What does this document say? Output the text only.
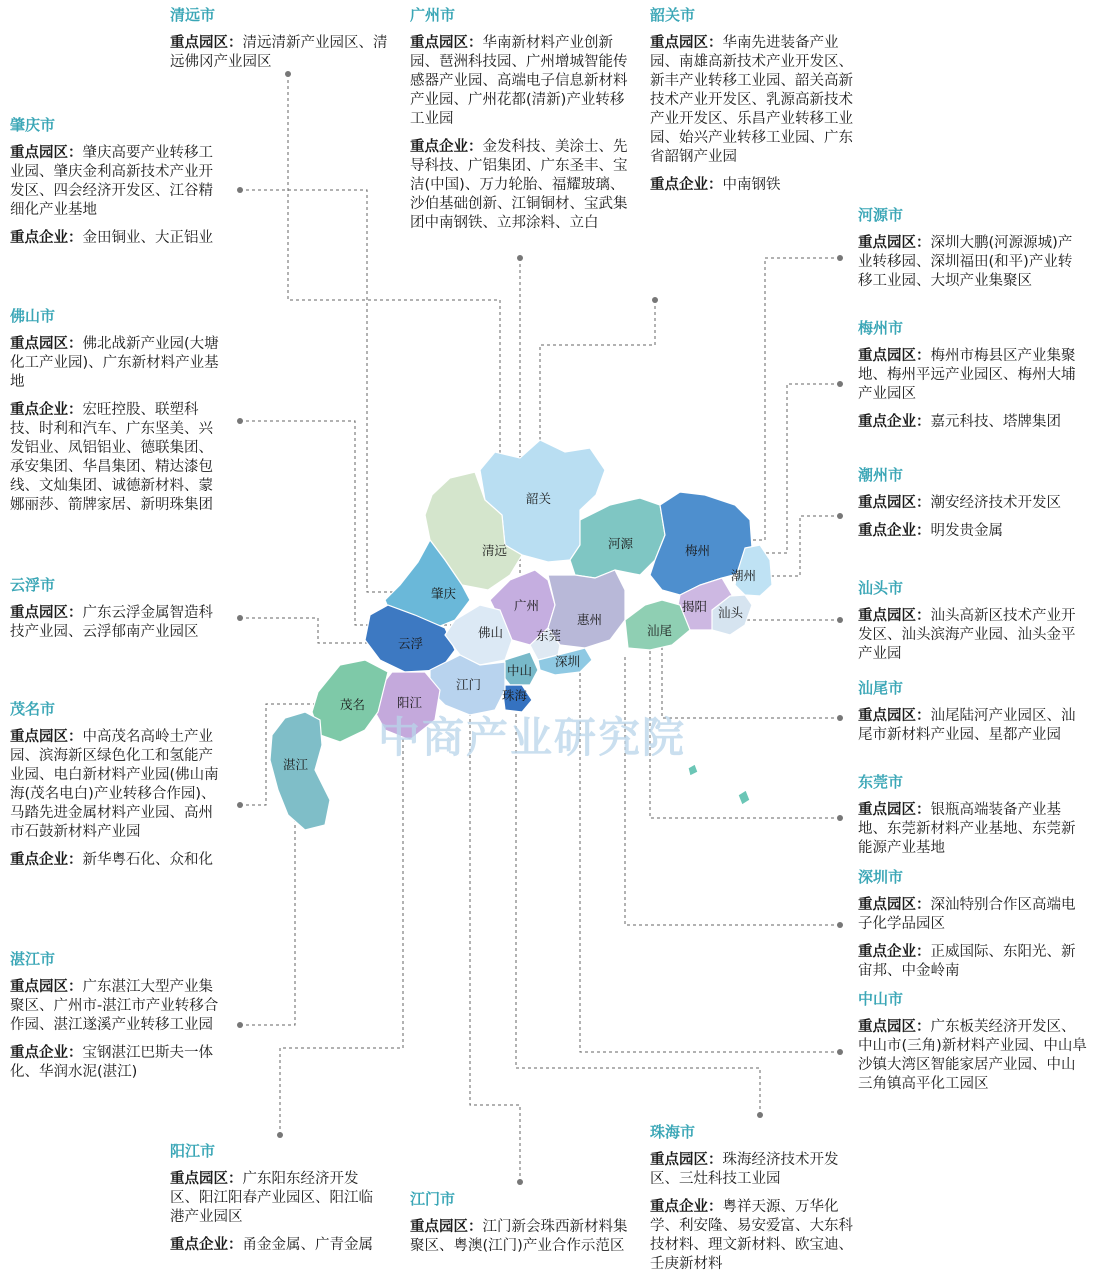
韶关
清远	河源	梅州
潮州
肇庆
广州
惠州
揭阳 汕头
云浮
佛山	东莞	汕尾
深圳
中山
江门
茂名	阳江	珠海
湛江
中商产业研究院
清远市
重点园区：清远清新产业园区、清远佛冈产业园区
肇庆市
重点园区：肇庆高要产业转移工业园、肇庆金利高新技术产业开发区、四会经济开发区、江谷精细化产业基地
重点企业：金田铜业、大正铝业
佛山市
重点园区：佛北战新产业园(大塘化工产业园)、广东新材料产业基地
重点企业：宏旺控股、联塑科技、时利和汽车、广东坚美、兴发铝业、凤铝铝业、德联集团、承安集团、华昌集团、精达漆包线、文灿集团、诚德新材料、蒙娜丽莎、箭牌家居、新明珠集团
云浮市
重点园区：广东云浮金属智造科技产业园、云浮郁南产业园区
茂名市
重点园区：中高茂名高岭土产业园、滨海新区绿色化工和氢能产业园、电白新材料产业园(佛山南海(茂名电白)产业转移合作园)、马踏先进金属材料产业园、高州市石鼓新材料产业园
重点企业：新华粤石化、众和化
湛江市
重点园区：广东湛江大型产业集聚区、广州市-湛江市产业转移合作园、湛江遂溪产业转移工业园
重点企业：宝钢湛江巴斯夫一体化、华润水泥(湛江)
阳江市
重点园区：广东阳东经济开发区、阳江阳春产业园区、阳江临港产业园区
重点企业：甬金金属、广青金属
广州市
重点园区：华南新材料产业创新园、琶洲科技园、广州增城智能传感器产业园、高端电子信息新材料产业园、广州花都(清新)产业转移工业园
重点企业：金发科技、美涂士、先导科技、广铝集团、广东圣丰、宝洁(中国)、万力轮胎、福耀玻璃、沙伯基础创新、江铜铜材、宝武集团中南钢铁、立邦涂料、立白
韶关市
重点园区：华南先进装备产业园、南雄高新技术产业开发区、新丰产业转移工业园、韶关高新技术产业开发区、乳源高新技术产业开发区、乐昌产业转移工业园、始兴产业转移工业园、广东省韶钢产业园
重点企业：中南钢铁
江门市
重点园区：江门新会珠西新材料集聚区、粤澳(江门)产业合作示范区
珠海市
重点园区：珠海经济技术开发区、三灶科技工业园
重点企业：粤祥天源、万华化学、利安隆、易安爱富、大东科技材料、理文新材料、欧宝迪、壬庚新材料
河源市
重点园区：深圳大鹏(河源源城)产业转移园、深圳福田(和平)产业转移工业园、大坝产业集聚区
梅州市
重点园区：梅州市梅县区产业集聚地、梅州平远产业园区、梅州大埔产业园区
重点企业：嘉元科技、塔牌集团
潮州市
重点园区：潮安经济技术开发区
重点企业：明发贵金属
汕头市
重点园区：汕头高新区技术产业开发区、汕头滨海产业园、汕头金平产业园
汕尾市
重点园区：汕尾陆河产业园区、汕尾市新材料产业园、星都产业园
东莞市
重点园区：银瓶高端装备产业基地、东莞新材料产业基地、东莞新能源产业基地
深圳市
重点园区：深汕特别合作区高端电子化学品园区
重点企业：正威国际、东阳光、新宙邦、中金岭南
中山市
重点园区：广东板芙经济开发区、中山市(三角)新材料产业园、中山阜沙镇大湾区智能家居产业园、中山三角镇高平化工园区
